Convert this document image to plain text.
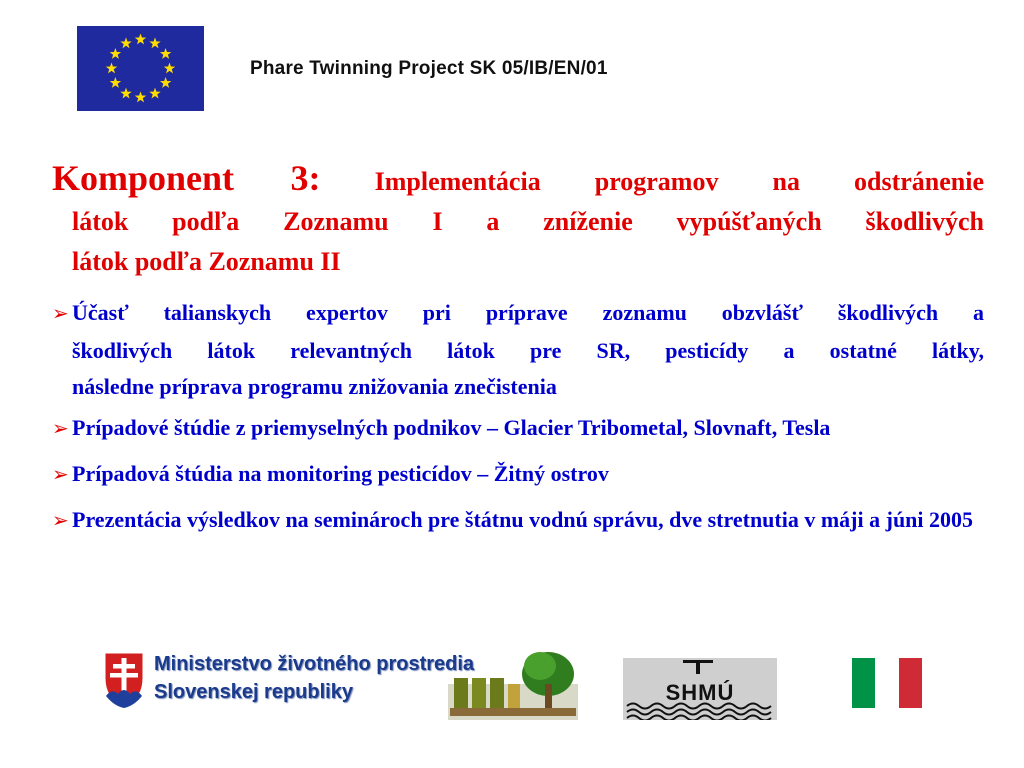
Phare Twinning Project SK 05/IB/EN/01
Komponent 3: Implementácia programov na odstránenie
látok podľa Zoznamu I a zníženie vypúšťaných škodlivých
látok podľa Zoznamu II

➢ Účasť talianskych expertov pri príprave zoznamu obzvlášť škodlivých a
škodlivých látok relevantných látok pre SR, pesticídy a ostatné látky,
následne príprava programu znižovania znečistenia

➢ Prípadové štúdie z priemyselných podnikov – Glacier Tribometal, Slovnaft, Tesla

➢ Prípadová štúdia na monitoring pesticídov – Žitný ostrov

➢ Prezentácia výsledkov na seminároch pre štátnu vodnú správu, dve stretnutia v máji a júni 2005

Ministerstvo životného prostredia
Slovenskej republiky	SHMÚ
